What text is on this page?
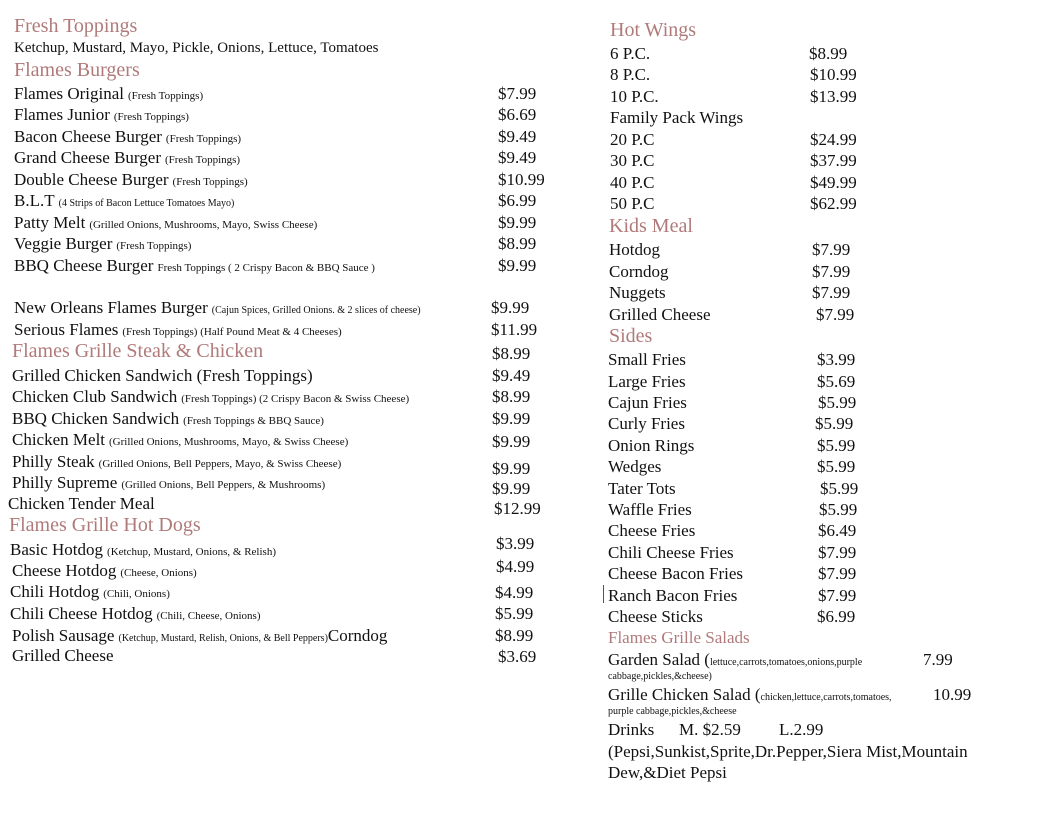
Fresh Toppings
Ketchup, Mustard, Mayo, Pickle, Onions, Lettuce, Tomatoes
Flames Burgers
Flames Original (Fresh Toppings)	$7.99
Flames Junior (Fresh Toppings)	$6.69
Bacon Cheese Burger (Fresh Toppings)	$9.49
Grand Cheese Burger (Fresh Toppings)	$9.49
Double Cheese Burger (Fresh Toppings)	$10.99
B.L.T (4 Strips of Bacon Lettuce Tomatoes Mayo)	$6.99
Patty Melt (Grilled Onions, Mushrooms, Mayo, Swiss Cheese)	$9.99
Veggie Burger (Fresh Toppings)	$8.99
BBQ Cheese Burger Fresh Toppings ( 2 Crispy Bacon & BBQ Sauce )	$9.99
New Orleans Flames Burger (Cajun Spices, Grilled Onions. & 2 slices of cheese)	$9.99
Serious Flames (Fresh Toppings) (Half Pound Meat & 4 Cheeses)	$11.99
Flames Grille Steak & Chicken	$8.99
Grilled Chicken Sandwich (Fresh Toppings)	$9.49
Chicken Club Sandwich (Fresh Toppings) (2 Crispy Bacon & Swiss Cheese)	$8.99
BBQ Chicken Sandwich (Fresh Toppings & BBQ Sauce)	$9.99
Chicken Melt (Grilled Onions, Mushrooms, Mayo, & Swiss Cheese)	$9.99
Philly Steak (Grilled Onions, Bell Peppers, Mayo, & Swiss Cheese)	$9.99
Philly Supreme (Grilled Onions, Bell Peppers, & Mushrooms)	$9.99
Chicken Tender Meal	$12.99
Flames Grille Hot Dogs
Basic Hotdog (Ketchup, Mustard, Onions, & Relish)	$3.99
Cheese Hotdog (Cheese, Onions)	$4.99
Chili Hotdog (Chili, Onions)	$4.99
Chili Cheese Hotdog (Chili, Cheese, Onions)	$5.99
Polish Sausage (Ketchup, Mustard, Relish, Onions, & Bell Peppers)Corndog	$8.99
Grilled Cheese	$3.69
Hot Wings
6 P.C.	$8.99
8 P.C.	$10.99
10 P.C.	$13.99
Family Pack Wings
20 P.C	$24.99
30 P.C	$37.99
40 P.C	$49.99
50 P.C	$62.99
Kids Meal
Hotdog	$7.99
Corndog	$7.99
Nuggets	$7.99
Grilled Cheese	$7.99
Sides
Small Fries	$3.99
Large Fries	$5.69
Cajun Fries	$5.99
Curly Fries	$5.99
Onion Rings	$5.99
Wedges	$5.99
Tater Tots	$5.99
Waffle Fries	$5.99
Cheese Fries	$6.49
Chili Cheese Fries	$7.99
Cheese Bacon Fries	$7.99
Ranch Bacon Fries	$7.99
Cheese Sticks	$6.99
Flames Grille Salads
Garden Salad (lettuce,carrots,tomatoes,onions,purple	7.99
cabbage,pickles,&cheese)
Grille Chicken Salad (chicken,lettuce,carrots,tomatoes, 10.99
purple cabbage,pickles,&cheese
Drinks M. $2.59 L.2.99
(Pepsi,Sunkist,Sprite,Dr.Pepper,Siera Mist,Mountain
Dew,&Diet Pepsi
